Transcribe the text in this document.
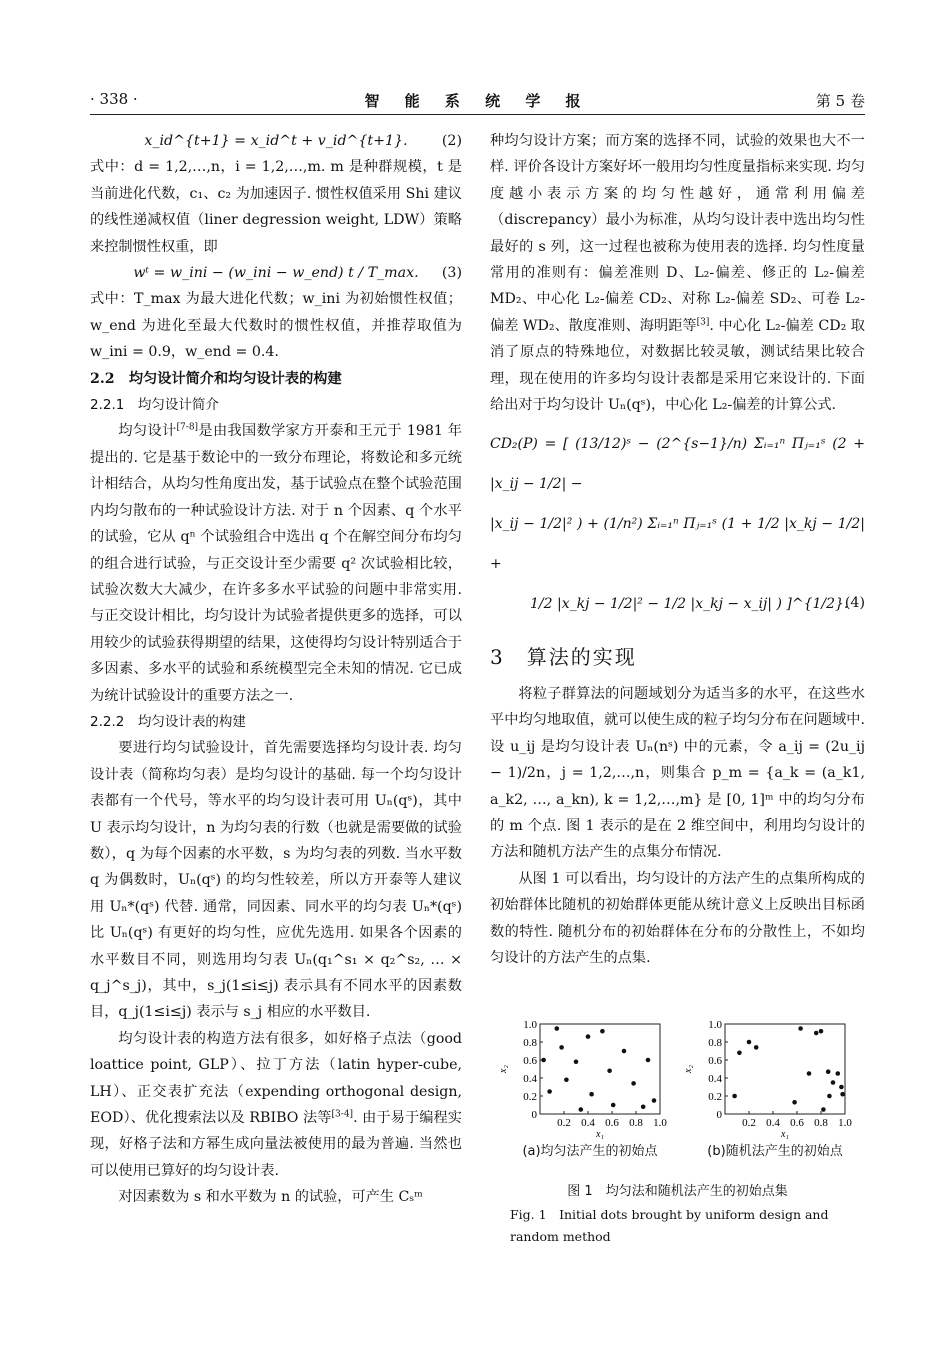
· 338 ·	智 能 系 统 学 报	第 5 卷

x_id^{t+1} = x_id^t + v_id^{t+1}. (2)

式中：d = 1,2,…,n，i = 1,2,…,m. m 是种群规模，t 是当前进化代数，c₁、c₂ 为加速因子. 惯性权值采用 Shi 建议的线性递减权值（liner degression weight, LDW）策略来控制惯性权重，即

wᵗ = w_ini − (w_ini − w_end) t / T_max. (3)

式中：T_max 为最大进化代数；w_ini 为初始惯性权值；w_end 为进化至最大代数时的惯性权值，并推荐取值为 w_ini = 0.9，w_end = 0.4.

2.2　均匀设计简介和均匀设计表的构建

2.2.1　均匀设计简介

均匀设计[7-8]是由我国数学家方开泰和王元于 1981 年提出的. 它是基于数论中的一致分布理论，将数论和多元统计相结合，从均匀性角度出发，基于试验点在整个试验范围内均匀散布的一种试验设计方法. 对于 n 个因素、q 个水平的试验，它从 qⁿ 个试验组合中选出 q 个在解空间分布均匀的组合进行试验，与正交设计至少需要 q² 次试验相比较，试验次数大大减少，在许多多水平试验的问题中非常实用. 与正交设计相比，均匀设计为试验者提供更多的选择，可以用较少的试验获得期望的结果，这使得均匀设计特别适合于多因素、多水平的试验和系统模型完全未知的情况. 它已成为统计试验设计的重要方法之一.

2.2.2　均匀设计表的构建

要进行均匀试验设计，首先需要选择均匀设计表. 均匀设计表（简称均匀表）是均匀设计的基础. 每一个均匀设计表都有一个代号，等水平的均匀设计表可用 Uₙ(qˢ)，其中 U 表示均匀设计，n 为均匀表的行数（也就是需要做的试验数），q 为每个因素的水平数，s 为均匀表的列数. 当水平数 q 为偶数时，Uₙ(qˢ) 的均匀性较差，所以方开泰等人建议用 Uₙ*(qˢ) 代替. 通常，同因素、同水平的均匀表 Uₙ*(qˢ) 比 Uₙ(qˢ) 有更好的均匀性，应优先选用. 如果各个因素的水平数目不同，则选用均匀表 Uₙ(q₁^s₁ × q₂^s₂, … × q_j^s_j)，其中，s_j(1≤i≤j) 表示具有不同水平的因素数目，q_j(1≤i≤j) 表示与 s_j 相应的水平数目.

均匀设计表的构造方法有很多，如好格子点法（good loattice point, GLP）、拉丁方法（latin hyper-cube, LH）、正交表扩充法（expending orthogonal design, EOD）、优化搜索法以及 RBIBO 法等[3-4]. 由于易于编程实现，好格子法和方幂生成向量法被使用的最为普遍. 当然也可以使用已算好的均匀设计表.

对因素数为 s 和水平数为 n 的试验，可产生 Cₛᵐ

种均匀设计方案；而方案的选择不同，试验的效果也大不一样. 评价各设计方案好坏一般用均匀性度量指标来实现. 均匀度越小表示方案的均匀性越好，通常利用偏差（discrepancy）最小为标准，从均匀设计表中选出均匀性最好的 s 列，这一过程也被称为使用表的选择. 均匀性度量常用的准则有：偏差准则 D、L₂-偏差、修正的 L₂-偏差 MD₂、中心化 L₂-偏差 CD₂、对称 L₂-偏差 SD₂、可卷 L₂-偏差 WD₂、散度准则、海明距等[3]. 中心化 L₂-偏差 CD₂ 取消了原点的特殊地位，对数据比较灵敏，测试结果比较合理，现在使用的许多均匀设计表都是采用它来设计的. 下面给出对于均匀设计 Uₙ(qˢ)，中心化 L₂-偏差的计算公式.

CD₂(P) = [ (13/12)ˢ − (2^{s−1}/n) Σᵢ₌₁ⁿ Πⱼ₌₁ˢ (2 + |x_ij − 1/2| −

|x_ij − 1/2|² ) + (1/n²) Σᵢ₌₁ⁿ Πⱼ₌₁ˢ (1 + 1/2 |x_kj − 1/2| +

1/2 |x_kj − 1/2|² − 1/2 |x_kj − x_ij| ) ]^{1/2}.

(4)

3　算法的实现

将粒子群算法的问题域划分为适当多的水平，在这些水平中均匀地取值，就可以使生成的粒子均匀分布在问题域中. 设 u_ij 是均匀设计表 Uₙ(nˢ) 中的元素，令 a_ij = (2u_ij − 1)/2n，j = 1,2,…,n，则集合 p_m = {a_k = (a_k1, a_k2, …, a_kn), k = 1,2,…,m} 是 [0, 1]ᵐ 中的均匀分布的 m 个点. 图 1 表示的是在 2 维空间中，利用均匀设计的方法和随机方法产生的点集分布情况.

从图 1 可以看出，均匀设计的方法产生的点集所构成的初始群体比随机的初始群体更能从统计意义上反映出目标函数的特性. 随机分布的初始群体在分布的分散性上，不如均匀设计的方法产生的点集.

0.2 0.4 0.6 0.8 1.0
0
0.2
0.4
0.6
0.8
1.0
x₁
x₂
(a)均匀法产生的初始点
0.2 0.4 0.6 0.8 1.0
0
0.2
0.4
0.6
0.8
1.0
x₁
x₂
(b)随机法产生的初始点
图 1　均匀法和随机法产生的初始点集
Fig. 1　Initial dots brought by uniform design and random method
